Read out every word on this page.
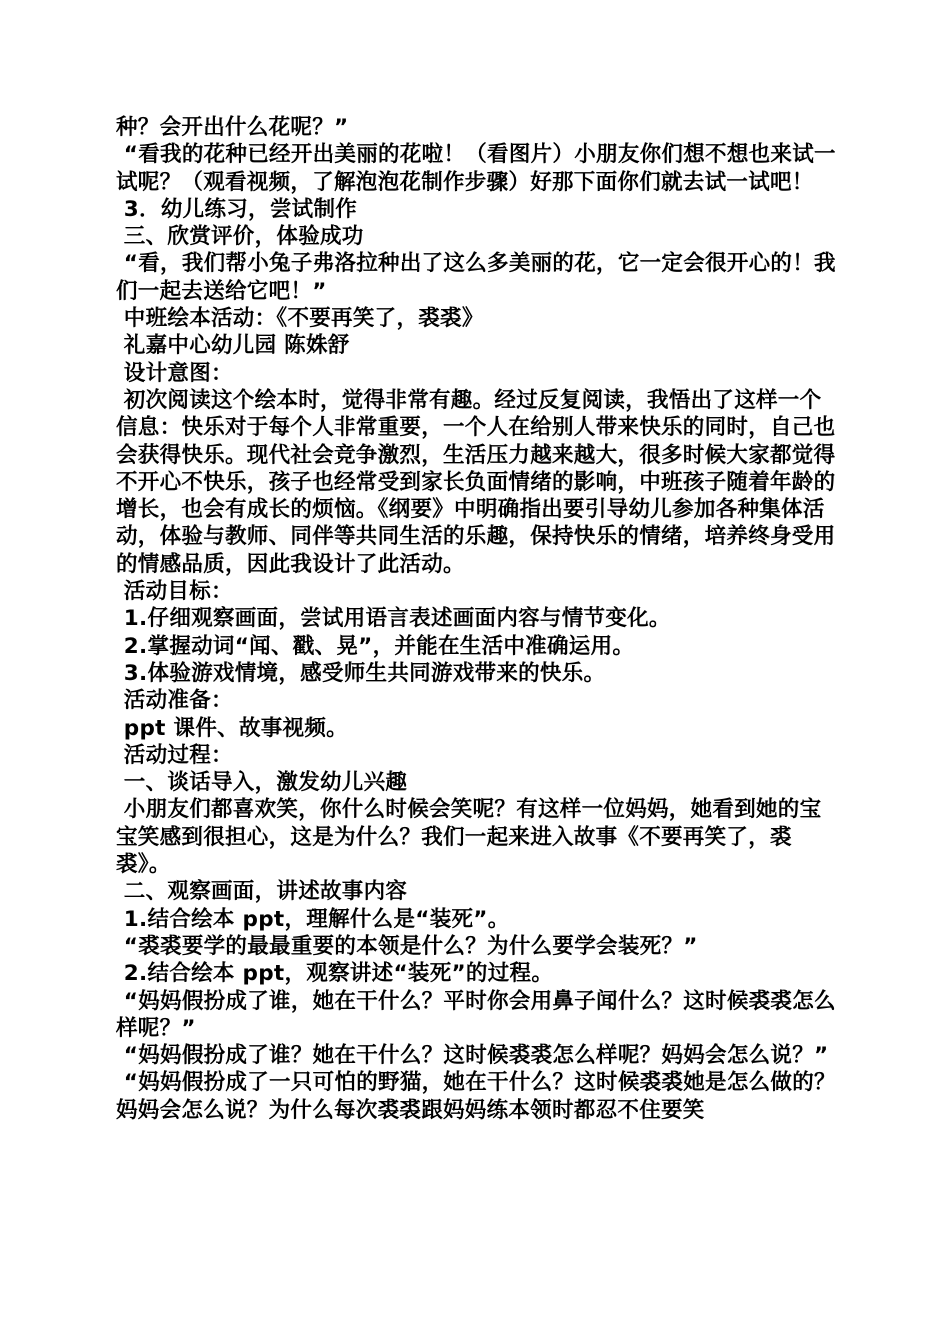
种？会开出什么花呢？”

“看我的花种已经开出美丽的花啦！（看图片）小朋友你们想不想也来试一试呢？（观看视频，了解泡泡花制作步骤）好那下面你们就去试一试吧！

3．幼儿练习，尝试制作

三、欣赏评价，体验成功

“看，我们帮小兔子弗洛拉种出了这么多美丽的花，它一定会很开心的！我们一起去送给它吧！”

中班绘本活动：《不要再笑了，裘裘》

礼嘉中心幼儿园 陈姝舒

设计意图：

初次阅读这个绘本时，觉得非常有趣。经过反复阅读，我悟出了这样一个信息：快乐对于每个人非常重要，一个人在给别人带来快乐的同时，自己也会获得快乐。现代社会竞争激烈，生活压力越来越大，很多时候大家都觉得不开心不快乐，孩子也经常受到家长负面情绪的影响，中班孩子随着年龄的增长，也会有成长的烦恼。《纲要》中明确指出要引导幼儿参加各种集体活动，体验与教师、同伴等共同生活的乐趣，保持快乐的情绪，培养终身受用的情感品质，因此我设计了此活动。

活动目标：

1.仔细观察画面，尝试用语言表述画面内容与情节变化。

2.掌握动词“闻、戳、晃”，并能在生活中准确运用。

3.体验游戏情境，感受师生共同游戏带来的快乐。

活动准备：

ppt 课件、故事视频。

活动过程：

一、谈话导入，激发幼儿兴趣

小朋友们都喜欢笑，你什么时候会笑呢？有这样一位妈妈，她看到她的宝宝笑感到很担心，这是为什么？我们一起来进入故事《不要再笑了，裘裘》。

二、观察画面，讲述故事内容

1.结合绘本 ppt，理解什么是“装死”。

“裘裘要学的最最重要的本领是什么？为什么要学会装死？”

2.结合绘本 ppt，观察讲述“装死”的过程。

“妈妈假扮成了谁，她在干什么？平时你会用鼻子闻什么？这时候裘裘怎么样呢？”

“妈妈假扮成了谁？她在干什么？这时候裘裘怎么样呢？妈妈会怎么说？”

“妈妈假扮成了一只可怕的野猫，她在干什么？这时候裘裘她是怎么做的？妈妈会怎么说？为什么每次裘裘跟妈妈练本领时都忍不住要笑
